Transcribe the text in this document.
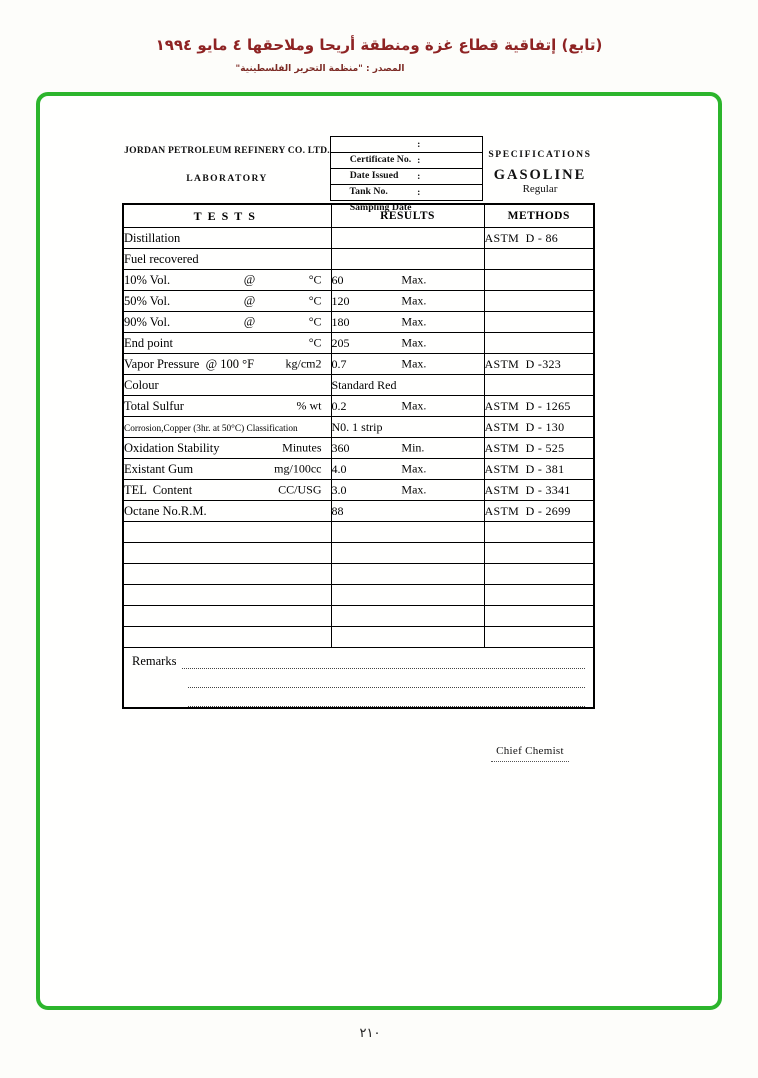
(تابع) إتفاقية قطاع غزة ومنطقة أريحا وملاحقها ٤ مايو ١٩٩٤
المصدر : "منظمة التحرير الفلسطينية"
JORDAN PETROLEUM REFINERY CO. LTD.
LABORATORY

Certificate No.

:

Date Issued

:

Tank No.

:

Sampling Date

:

SPECIFICATIONS
GASOLINE
Regular
TESTS	RESULTS	METHODS
Distillation		ASTM  D - 86
Fuel recovered

10% Vol. @ °C	60 Max.	

50% Vol. @ °C	120 Max.	

90% Vol. @ °C	180 Max.	

End point °C	205 Max.	

Vapor Pressure  @ 100 °F kg/cm2	0.7 Max.	ASTM  D -323
Colour	Standard Red

Total Sulfur % wt	0.2 Max.	ASTM  D - 1265
Corrosion,Copper (3hr. at 50°C) Classification	N0. 1 strip	ASTM  D - 130
Oxidation Stability Minutes	360 Min.	ASTM  D - 525
Existant Gum mg/100cc	4.0 Max.	ASTM  D - 381
TEL  Content CC/USG	3.0 Max.	ASTM  D - 3341
Octane No.R.M.	88	ASTM  D - 2699

Remarks		
Chief Chemist
٢١٠
